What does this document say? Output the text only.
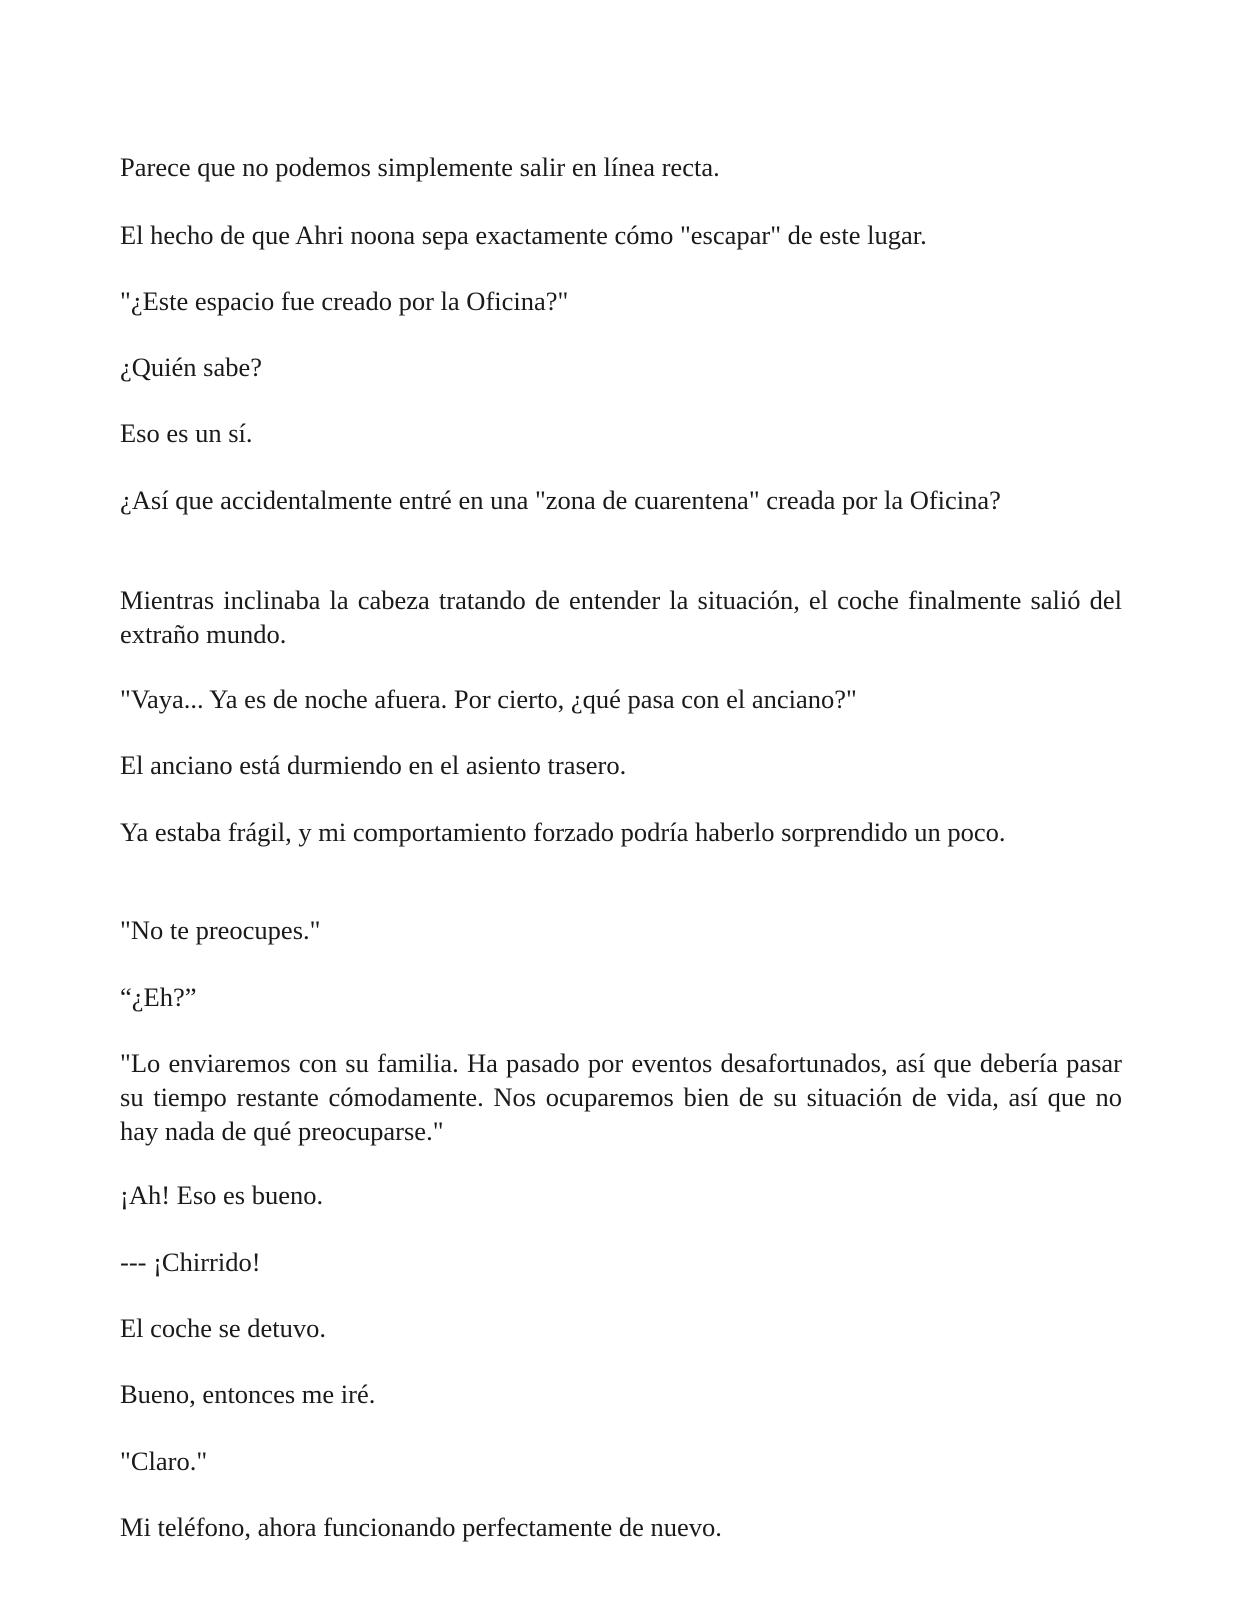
Parece que no podemos simplemente salir en línea recta.

El hecho de que Ahri noona sepa exactamente cómo "escapar" de este lugar.

"¿Este espacio fue creado por la Oficina?"

¿Quién sabe?

Eso es un sí.

¿Así que accidentalmente entré en una "zona de cuarentena" creada por la Oficina?

Mientras inclinaba la cabeza tratando de entender la situación, el coche finalmente salió del extraño mundo.

"Vaya... Ya es de noche afuera. Por cierto, ¿qué pasa con el anciano?"

El anciano está durmiendo en el asiento trasero.

Ya estaba frágil, y mi comportamiento forzado podría haberlo sorprendido un poco.

"No te preocupes."

“¿Eh?”

"Lo enviaremos con su familia. Ha pasado por eventos desafortunados, así que debería pasar su tiempo restante cómodamente. Nos ocuparemos bien de su situación de vida, así que no hay nada de qué preocuparse."

¡Ah! Eso es bueno.

--- ¡Chirrido!

El coche se detuvo.

Bueno, entonces me iré.

"Claro."

Mi teléfono, ahora funcionando perfectamente de nuevo.
